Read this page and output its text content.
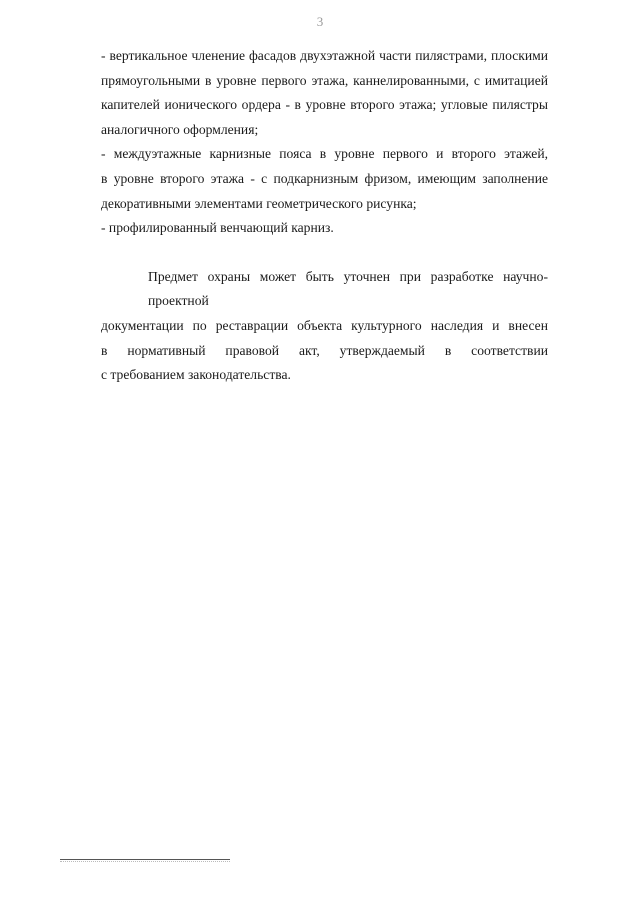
3
- вертикальное членение фасадов двухэтажной части пилястрами, плоскими
прямоугольными в уровне первого этажа, каннелированными, с имитацией
капителей ионического ордера - в уровне второго этажа; угловые пилястры
аналогичного оформления;
- междуэтажные карнизные пояса в уровне первого и второго этажей,
в уровне второго этажа - с подкарнизным фризом, имеющим заполнение
декоративными элементами геометрического рисунка;
- профилированный венчающий карниз.
Предмет охраны может быть уточнен при разработке научно-проектной
документации по реставрации объекта культурного наследия и внесен
в нормативный правовой акт, утверждаемый в соответствии
с требованием законодательства.
